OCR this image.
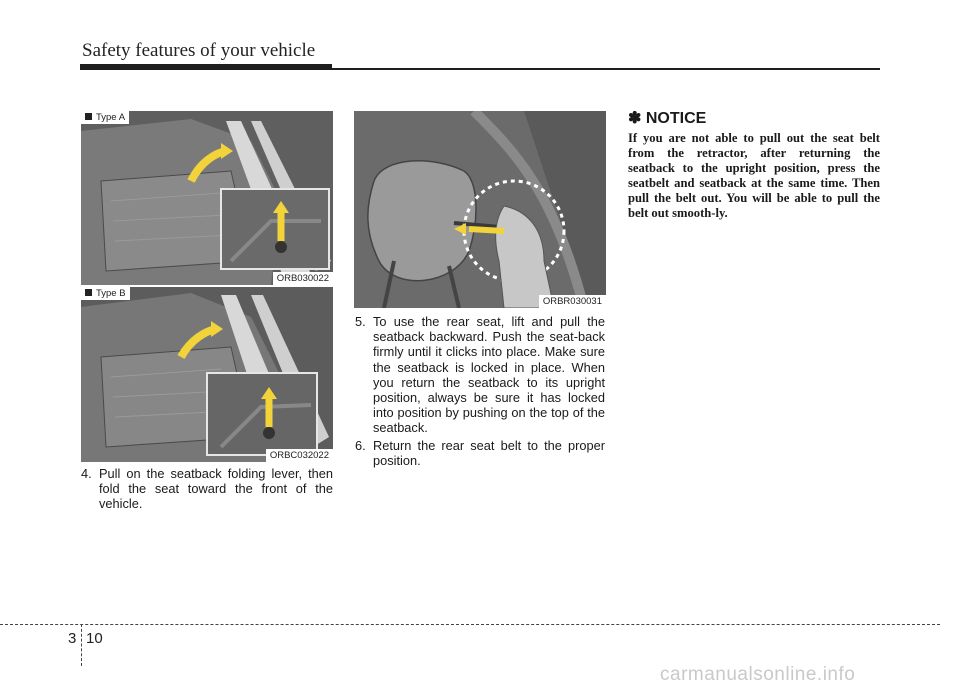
Safety features of your vehicle
Type A
ORB030022
Type B
ORBC032022
ORBR030031
4. Pull on the seatback folding lever, then fold the seat toward the front of the vehicle.
5. To use the rear seat, lift and pull the seatback backward. Push the seat-back firmly until it clicks into place. Make sure the seatback is locked in place. When you return the seatback to its upright position, always be sure it has locked into position by pushing on the top of the seatback.
6. Return the rear seat belt to the proper position.
✽ NOTICE
If you are not able to pull out the seat belt from the retractor, after returning the seatback to the upright position, press the seatbelt and seatback at the same time. Then pull the belt out. You will be able to pull the belt out smooth-ly.
3 10
carmanualsonline.info
